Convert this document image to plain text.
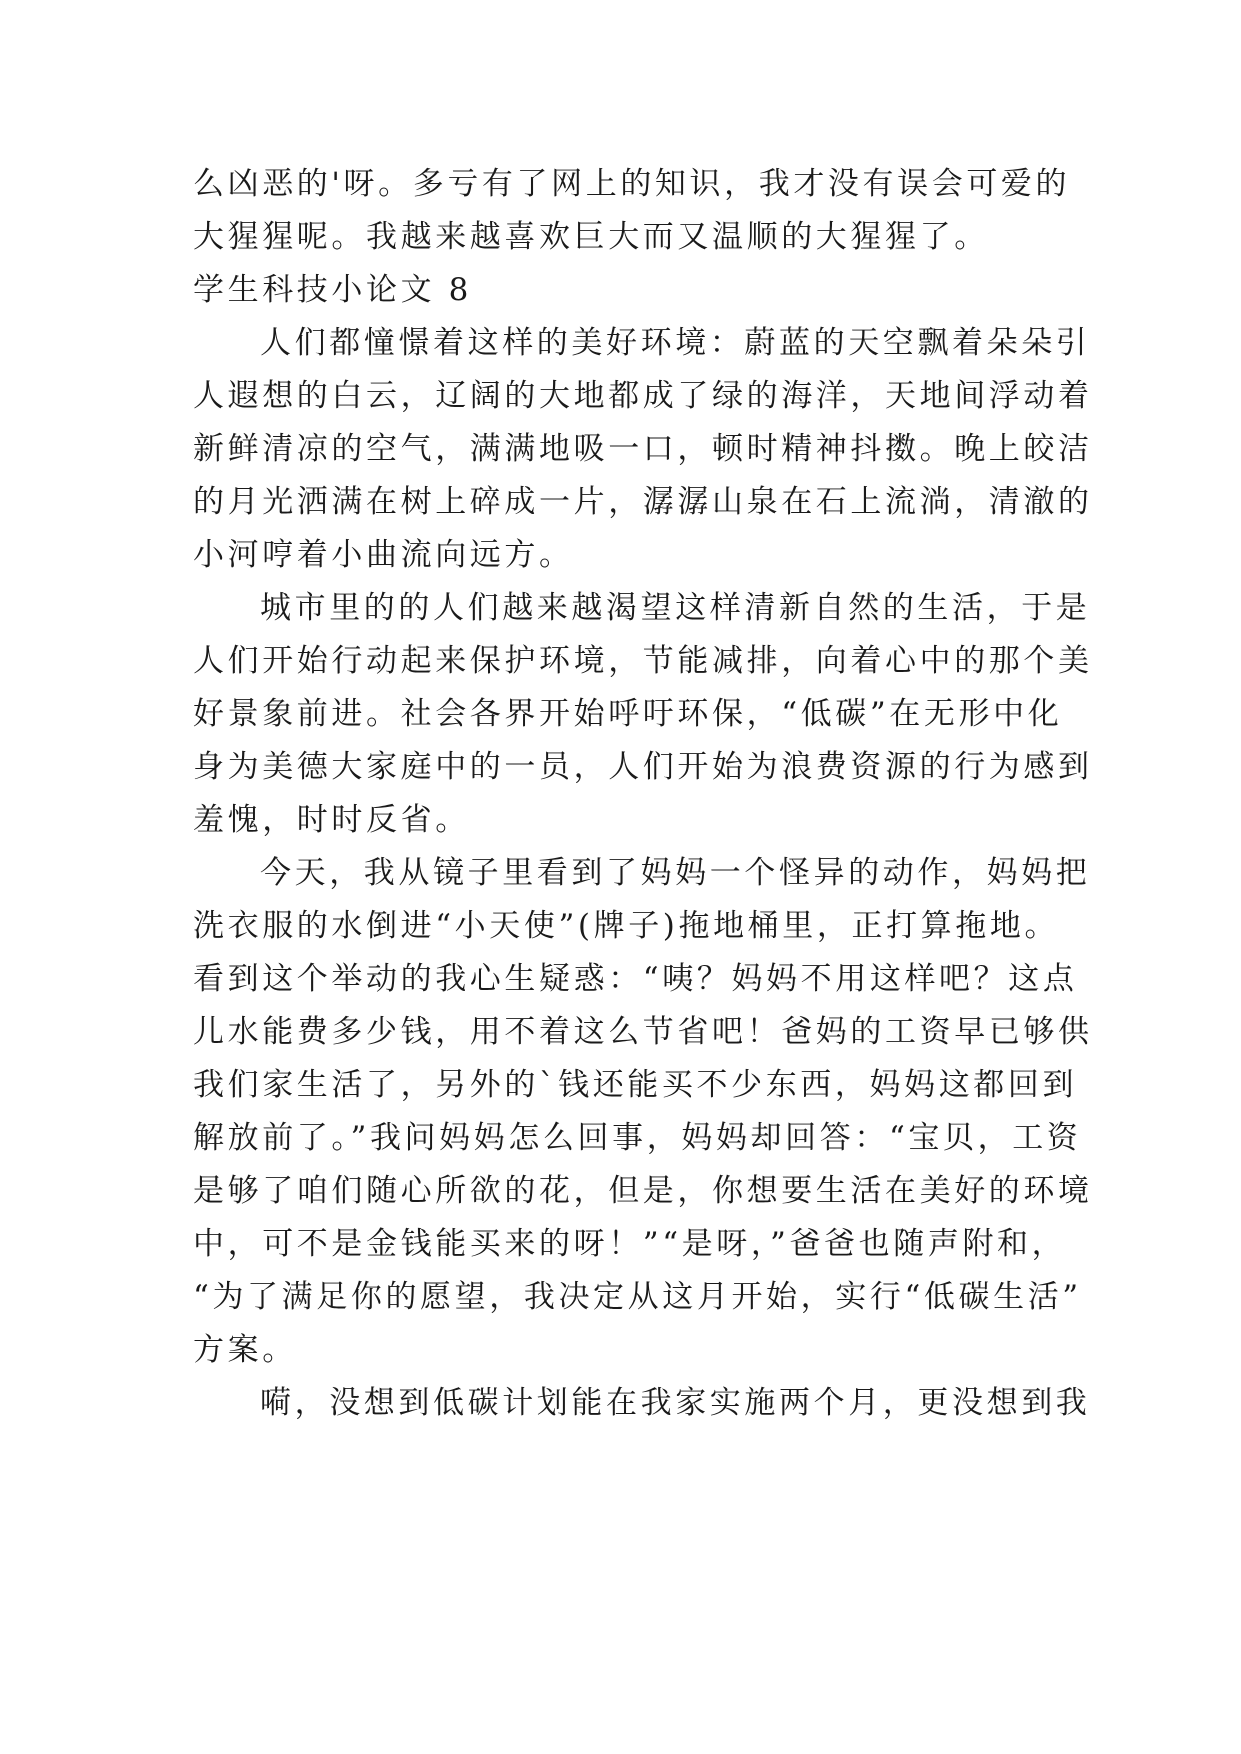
么凶恶的'呀。多亏有了网上的知识，我才没有误会可爱的
大猩猩呢。我越来越喜欢巨大而又温顺的大猩猩了。
学生科技小论文 8
人们都憧憬着这样的美好环境：蔚蓝的天空飘着朵朵引
人遐想的白云，辽阔的大地都成了绿的海洋，天地间浮动着
新鲜清凉的空气，满满地吸一口，顿时精神抖擞。晚上皎洁
的月光洒满在树上碎成一片，潺潺山泉在石上流淌，清澈的
小河哼着小曲流向远方。
城市里的的人们越来越渴望这样清新自然的生活，于是
人们开始行动起来保护环境，节能减排，向着心中的那个美
好景象前进。社会各界开始呼吁环保，“低碳”在无形中化
身为美德大家庭中的一员，人们开始为浪费资源的行为感到
羞愧，时时反省。
今天，我从镜子里看到了妈妈一个怪异的动作，妈妈把
洗衣服的水倒进“小天使”(牌子)拖地桶里，正打算拖地。
看到这个举动的我心生疑惑：“咦？妈妈不用这样吧？这点
儿水能费多少钱，用不着这么节省吧！爸妈的工资早已够供
我们家生活了，另外的`钱还能买不少东西，妈妈这都回到
解放前了。”我问妈妈怎么回事，妈妈却回答：“宝贝，工资
是够了咱们随心所欲的花，但是，你想要生活在美好的环境
中，可不是金钱能买来的呀！”“是呀，”爸爸也随声附和，
“为了满足你的愿望，我决定从这月开始，实行“低碳生活”
方案。
嗬，没想到低碳计划能在我家实施两个月，更没想到我
